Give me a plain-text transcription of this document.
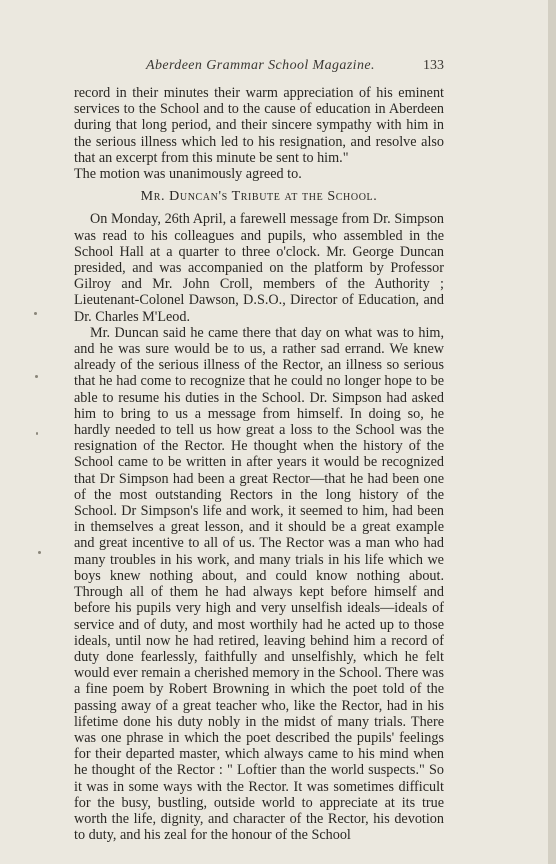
Aberdeen Grammar School Magazine.	133

record in their minutes their warm appreciation of his eminent services to the School and to the cause of education in Aberdeen during that long period, and their sincere sympathy with him in the serious illness which led to his resignation, and resolve also that an excerpt from this minute be sent to him."

The motion was unanimously agreed to.

Mr. Duncan's Tribute at the School.

On Monday, 26th April, a farewell message from Dr. Simpson was read to his colleagues and pupils, who assembled in the School Hall at a quarter to three o'clock. Mr. George Duncan presided, and was accompanied on the platform by Professor Gilroy and Mr. John Croll, members of the Authority ; Lieutenant-Colonel Dawson, D.S.O., Director of Education, and Dr. Charles M'Leod.

Mr. Duncan said he came there that day on what was to him, and he was sure would be to us, a rather sad errand. We knew already of the serious illness of the Rector, an illness so serious that he had come to recognize that he could no longer hope to be able to resume his duties in the School. Dr. Simpson had asked him to bring to us a message from himself. In doing so, he hardly needed to tell us how great a loss to the School was the resignation of the Rector. He thought when the history of the School came to be written in after years it would be recognized that Dr Simpson had been a great Rector—that he had been one of the most outstanding Rectors in the long history of the School. Dr Simpson's life and work, it seemed to him, had been in themselves a great lesson, and it should be a great example and great incentive to all of us. The Rector was a man who had many troubles in his work, and many trials in his life which we boys knew nothing about, and could know nothing about. Through all of them he had always kept before himself and before his pupils very high and very unselfish ideals—ideals of service and of duty, and most worthily had he acted up to those ideals, until now he had retired, leaving behind him a record of duty done fearlessly, faithfully and unselfishly, which he felt would ever remain a cherished memory in the School. There was a fine poem by Robert Browning in which the poet told of the passing away of a great teacher who, like the Rector, had in his lifetime done his duty nobly in the midst of many trials. There was one phrase in which the poet described the pupils' feelings for their departed master, which always came to his mind when he thought of the Rector : " Loftier than the world suspects." So it was in some ways with the Rector. It was sometimes difficult for the busy, bustling, outside world to appreciate at its true worth the life, dignity, and character of the Rector, his devotion to duty, and his zeal for the honour of the School
